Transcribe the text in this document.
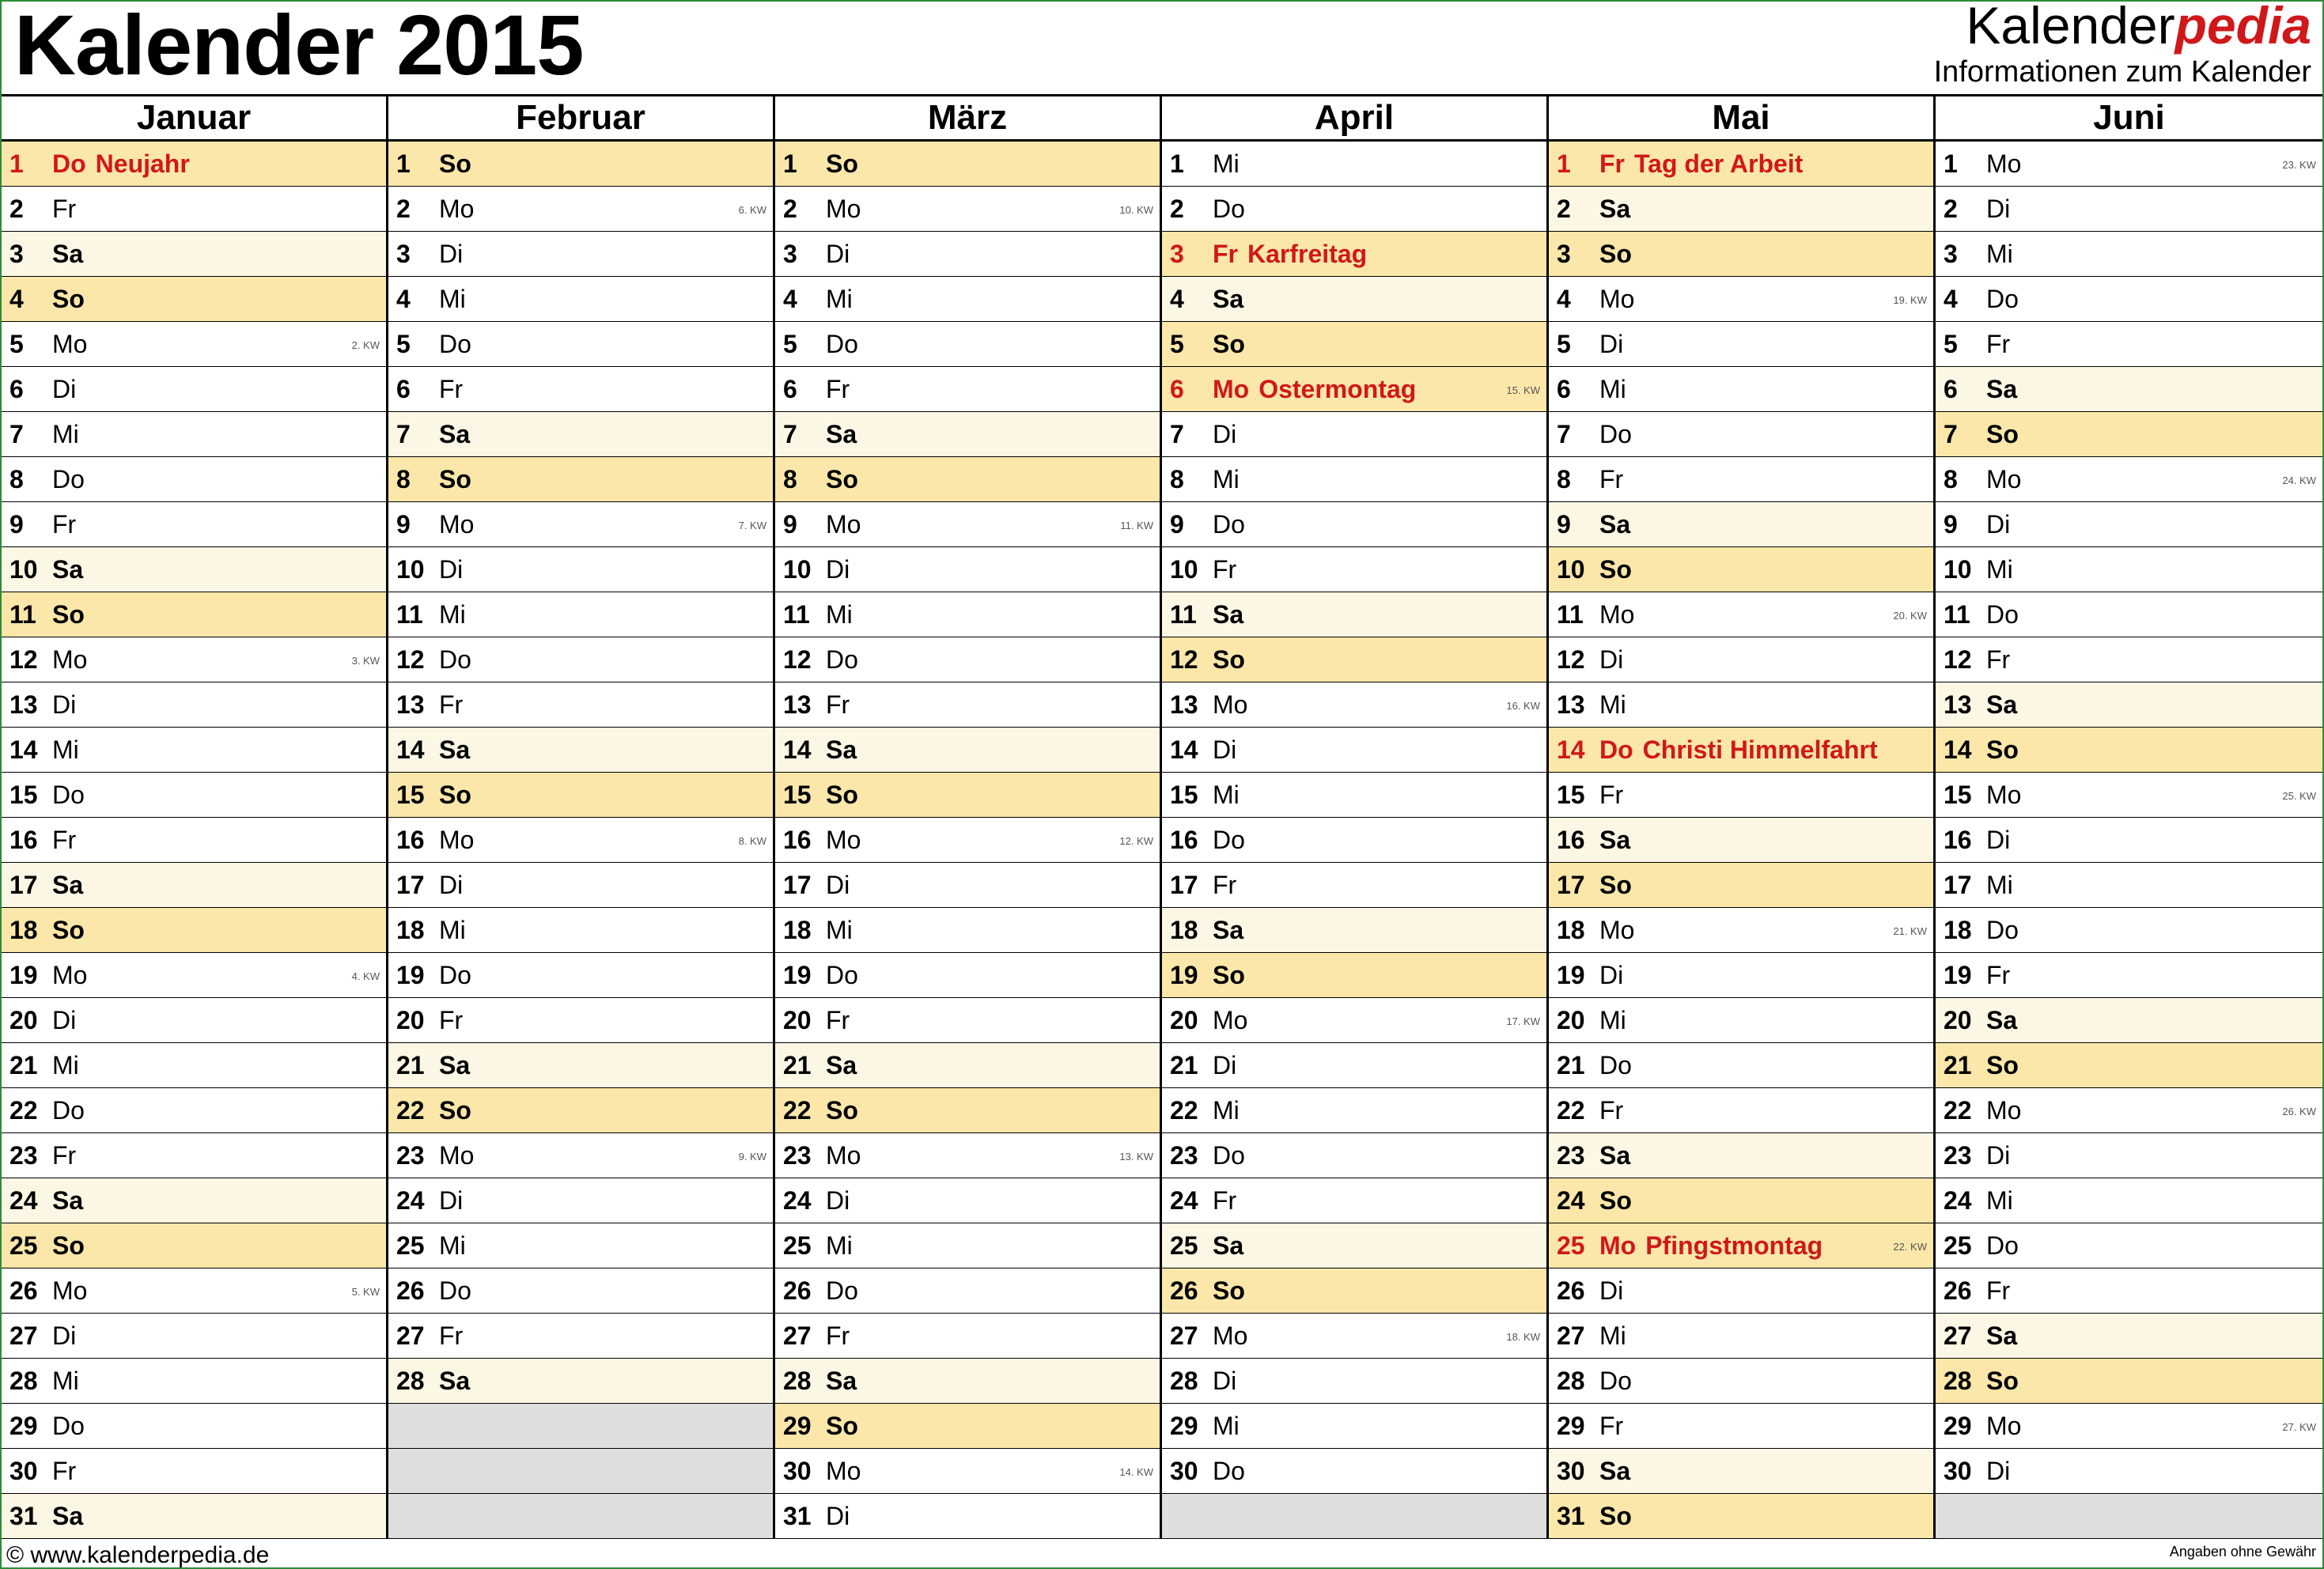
Kalender 2015	Kalenderpedia
Informationen zum Kalender
Januar
1	Do Neujahr
2	Fr
3	Sa
4	So
5	Mo	2. KW
6	Di
7	Mi
8	Do
9	Fr
10 Sa
11 So
12 Mo	3. KW
13 Di
14 Mi
15 Do
16 Fr
17 Sa
18 So
19 Mo	4. KW
20 Di
21 Mi
22 Do
23 Fr
24 Sa
25 So
26 Mo	5. KW
27 Di
28 Mi
29 Do
30 Fr
31 Sa
Februar
1	So
2	Mo	6. KW
3	Di
4	Mi
5	Do
6	Fr
7	Sa
8	So
9	Mo	7. KW
10 Di
11 Mi
12 Do
13 Fr
14 Sa
15 So
16 Mo	8. KW
17 Di
18 Mi
19 Do
20 Fr
21 Sa
22 So
23 Mo	9. KW
24 Di
25 Mi
26 Do
27 Fr
28 Sa
März
1	So
2	Mo	10. KW
3	Di
4	Mi
5	Do
6	Fr
7	Sa
8	So
9	Mo	11. KW
10 Di
11 Mi
12 Do
13 Fr
14 Sa
15 So
16 Mo	12. KW
17 Di
18 Mi
19 Do
20 Fr
21 Sa
22 So
23 Mo	13. KW
24 Di
25 Mi
26 Do
27 Fr
28 Sa
29 So
30 Mo	14. KW
31 Di
April
1	Mi
2	Do
3	Fr Karfreitag
4	Sa
5	So
6	Mo Ostermontag	15. KW
7	Di
8	Mi
9	Do
10 Fr
11 Sa
12 So
13 Mo	16. KW
14 Di
15 Mi
16 Do
17 Fr
18 Sa
19 So
20 Mo	17. KW
21 Di
22 Mi
23 Do
24 Fr
25 Sa
26 So
27 Mo	18. KW
28 Di
29 Mi
30 Do
Mai
1	Fr Tag der Arbeit
2	Sa
3	So
4	Mo	19. KW
5	Di
6	Mi
7	Do
8	Fr
9	Sa
10 So
11 Mo	20. KW
12 Di
13 Mi
14 Do Christi Himmelfahrt
15 Fr
16 Sa
17 So
18 Mo	21. KW
19 Di
20 Mi
21 Do
22 Fr
23 Sa
24 So
25 Mo Pfingstmontag	22. KW
26 Di
27 Mi
28 Do
29 Fr
30 Sa
31 So
Juni
1	Mo	23. KW
2	Di
3	Mi
4	Do
5	Fr
6	Sa
7	So
8	Mo	24. KW
9	Di
10 Mi
11 Do
12 Fr
13 Sa
14 So
15 Mo	25. KW
16 Di
17 Mi
18 Do
19 Fr
20 Sa
21 So
22 Mo	26. KW
23 Di
24 Mi
25 Do
26 Fr
27 Sa
28 So
29 Mo	27. KW
30 Di
© www.kalenderpedia.de	Angaben ohne Gewähr
